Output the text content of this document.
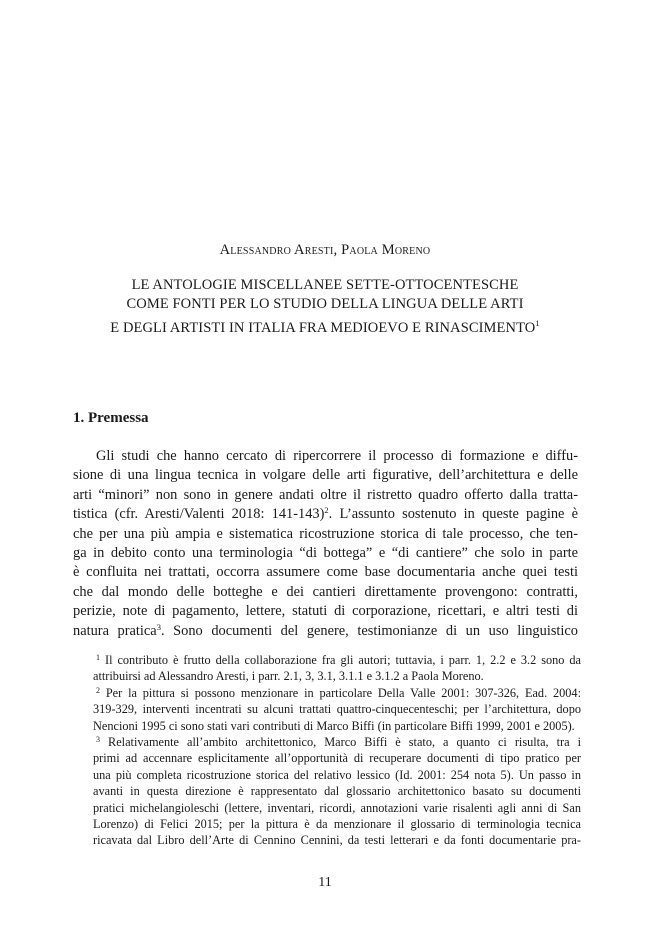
Alessandro Aresti, Paola Moreno
LE ANTOLOGIE MISCELLANEE SETTE-OTTOCENTESCHE
COME FONTI PER LO STUDIO DELLA LINGUA DELLE ARTI
E DEGLI ARTISTI IN ITALIA FRA MEDIOEVO E RINASCIMENTO$^1$
1. Premessa
Gli studi che hanno cercato di ripercorrere il processo di formazione e diffu-
sione di una lingua tecnica in volgare delle arti figurative, dell’architettura e delle
arti “minori” non sono in genere andati oltre il ristretto quadro offerto dalla tratta-
tistica (cfr. Aresti/Valenti 2018: 141-143)$^2$. L’assunto sostenuto in queste pagine è
che per una più ampia e sistematica ricostruzione storica di tale processo, che ten-
ga in debito conto una terminologia “di bottega” e “di cantiere” che solo in parte
è confluita nei trattati, occorra assumere come base documentaria anche quei testi
che dal mondo delle botteghe e dei cantieri direttamente provengono: contratti,
perizie, note di pagamento, lettere, statuti di corporazione, ricettari, e altri testi di
natura pratica$^3$. Sono documenti del genere, testimonianze di un uso linguistico
$^1$ Il contributo è frutto della collaborazione fra gli autori; tuttavia, i parr. 1, 2.2 e 3.2 sono da
attribuirsi ad Alessandro Aresti, i parr. 2.1, 3, 3.1, 3.1.1 e 3.1.2 a Paola Moreno.
$^2$ Per la pittura si possono menzionare in particolare Della Valle 2001: 307-326, Ead. 2004:
319-329, interventi incentrati su alcuni trattati quattro-cinquecenteschi; per l’architettura, dopo
Nencioni 1995 ci sono stati vari contributi di Marco Biffi (in particolare Biffi 1999, 2001 e 2005).
$^3$ Relativamente all’ambito architettonico, Marco Biffi è stato, a quanto ci risulta, tra i
primi ad accennare esplicitamente all’opportunità di recuperare documenti di tipo pratico per
una più completa ricostruzione storica del relativo lessico (Id. 2001: 254 nota 5). Un passo in
avanti in questa direzione è rappresentato dal glossario architettonico basato su documenti
pratici michelangioleschi (lettere, inventari, ricordi, annotazioni varie risalenti agli anni di San
Lorenzo) di Felici 2015; per la pittura è da menzionare il glossario di terminologia tecnica
ricavata dal Libro dell’Arte di Cennino Cennini, da testi letterari e da fonti documentarie pra-
11
